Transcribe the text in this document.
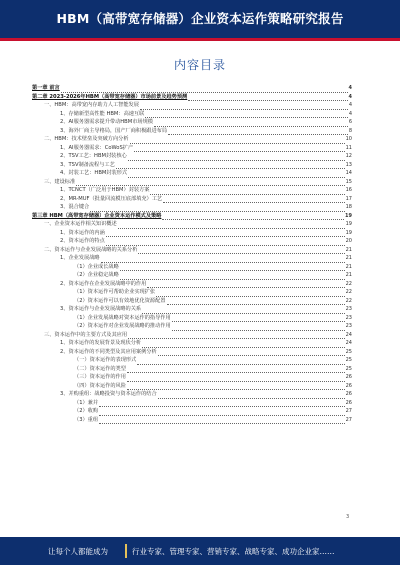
HBM（高带宽存储器）企业资本运作策略研究报告
内容目录
第一章 前言	4
第二章 2023-2026年HBM（高带宽存储器）市场前景及趋势预测	4
一、HBM：高带宽内存助力人工智能发展	4
1、存储新型高性能 HBM：高速互联	4
2、AI服务器需求提升带动HBM市场规模	6
3、海外厂商主导格局，国产厂商积极跟进布局	8
二、HBM：技术壁垒及突破方向分析	10
1、AI服务器需求：CoWoS扩产	11
2、TSV工艺：HBM封装核心	12
3、TSV制备流程与工艺	13
4、封装工艺：HBM封装形式	14
三、建设标准	15
1、TCNCT（广泛用于HBM）封装方案	16
2、MR-MUF（批量回流模压底部填充）工艺	17
3、混合键合	18
第三章 HBM（高带宽存储器）企业资本运作模式及策略	19
一、企业资本运作相关知识概述	19
1、资本运作的内涵	19
2、资本运作的特点	20
二、资本运作与企业发展战略的关系分析	21
1、企业发展战略	21
（1）企业成长战略	21
（2）企业稳定战略	21
2、资本运作在企业发展战略中的作用	22
（1）资本运作可帮助企业实现扩张	22
（2）资本运作可以有效地优化资源配置	22
3、资本运作与企业发展战略的关系	23
（1）企业发展战略对资本运作的指导作用	23
（2）资本运作对企业发展战略的推动作用	23
三、资本运作中的主要方式及其应用	24
1、资本运作的发展背景及现状分析	24
2、资本运作的不同类型及其应用案例分析	25
（一）资本运作的表现形式	25
（二）资本运作的类型	25
（三）资本运作的作用	26
（四）资本运作的风险	26
3、并购重组：战略投资与资本运作的结合	26
（1）兼并	26
（2）收购	27
（3）重组	27
3
让每个人都能成为	行业专家、管理专家、营销专家、战略专家、成功企业家……
